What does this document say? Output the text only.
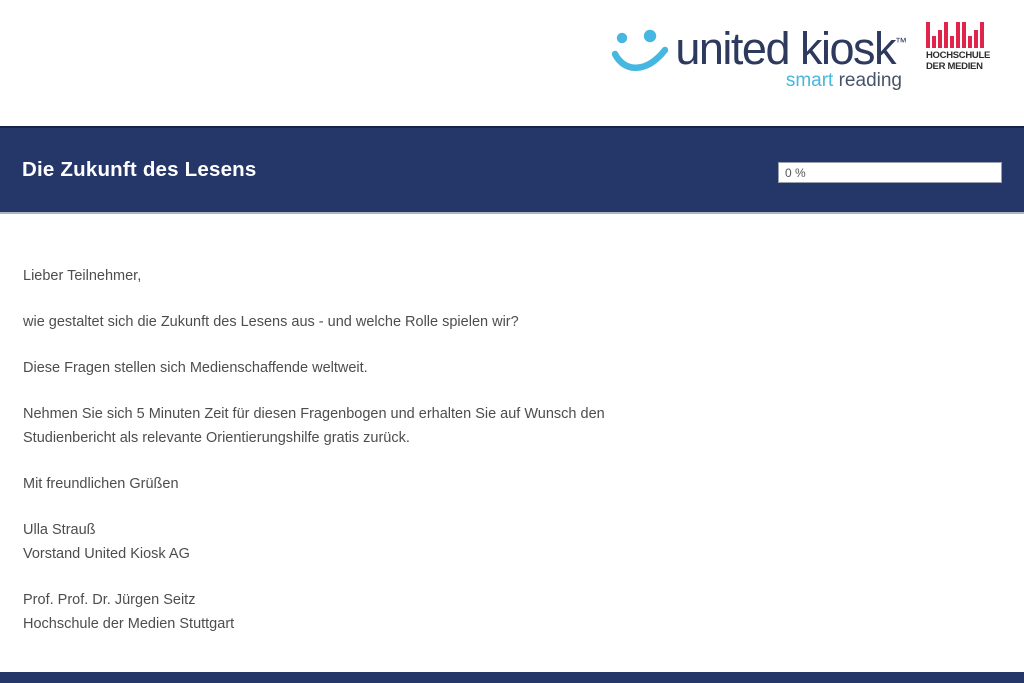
united kiosk™
smart reading
HOCHSCHULE
DER MEDIEN
Die Zukunft des Lesens	0 %

Lieber Teilnehmer,

wie gestaltet sich die Zukunft des Lesens aus - und welche Rolle spielen wir?

Diese Fragen stellen sich Medienschaffende weltweit.

Nehmen Sie sich 5 Minuten Zeit für diesen Fragenbogen und erhalten Sie auf Wunsch den
Studienbericht als relevante Orientierungshilfe gratis zurück.

Mit freundlichen Grüßen

Ulla Strauß
Vorstand United Kiosk AG

Prof. Prof. Dr. Jürgen Seitz
Hochschule der Medien Stuttgart
